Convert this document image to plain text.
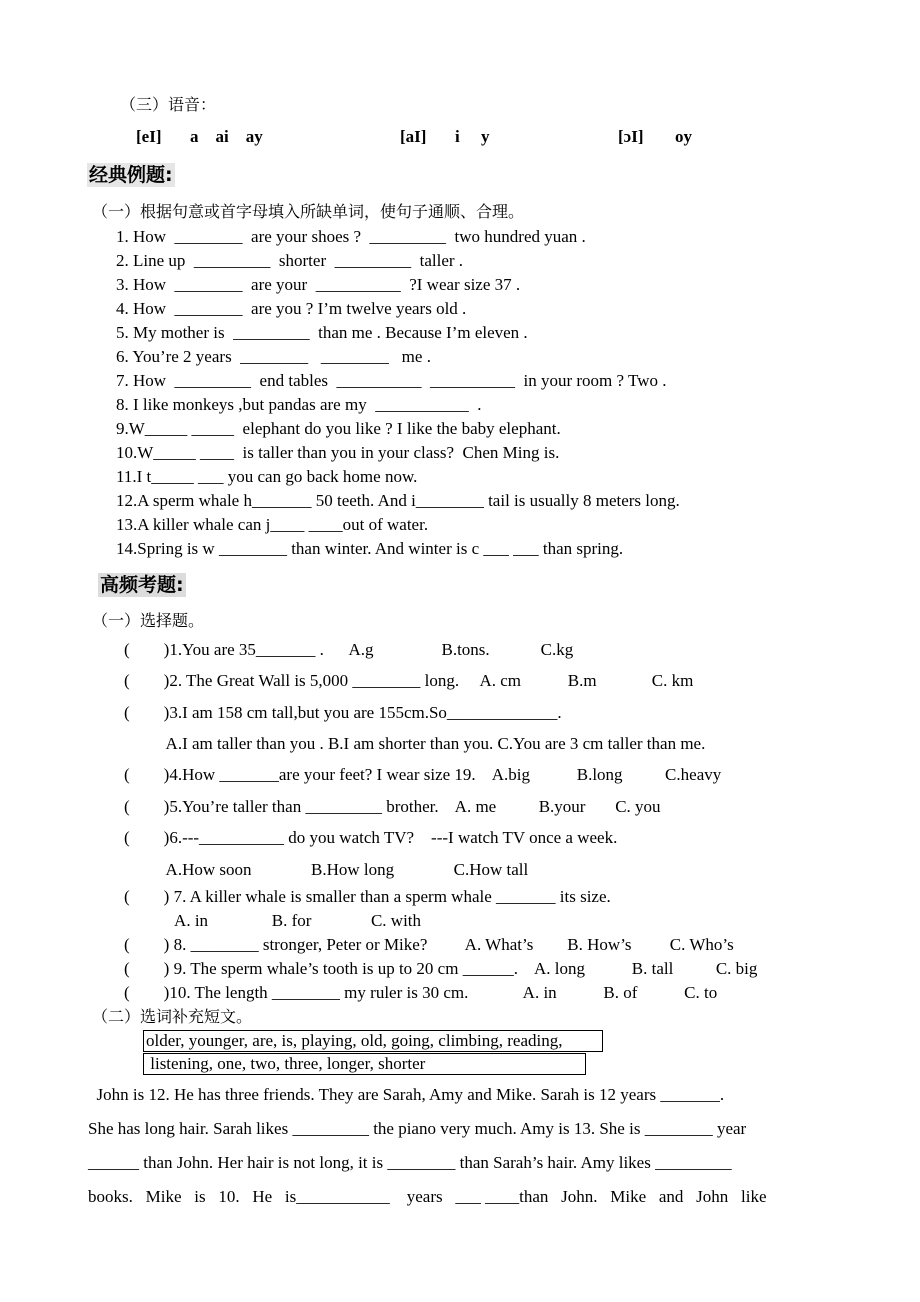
（三）语音：
[eI] a    ai    ay	[aI] i     y	[ɔI] oy
经典例题:
（一）根据句意或首字母填入所缺单词，使句子通顺、合理。
1. How  ________  are your shoes ?  _________  two hundred yuan .
2. Line up  _________  shorter  _________  taller .
3. How  ________  are your  __________  ?I wear size 37 .
4. How  ________  are you ? I’m twelve years old .
5. My mother is  _________  than me . Because I’m eleven .
6. You’re 2 years  ________   ________   me .
7. How  _________  end tables  __________  __________  in your room ? Two .
8. I like monkeys ,but pandas are my  ___________  .
9.W_____ _____  elephant do you like ? I like the baby elephant.
10.W_____ ____  is taller than you in your class?  Chen Ming is.
11.I t_____ ___ you can go back home now.
12.A sperm whale h_______ 50 teeth. And i________ tail is usually 8 meters long.
13.A killer whale can j____ ____out of water.
14.Spring is w ________ than winter. And winter is c ___ ___ than spring.
高频考题:
（一）选择题。
(        )1.You are 35_______ .      A.g                B.tons.            C.kg
(        )2. The Great Wall is 5,000 ________ long.     A. cm           B.m             C. km
(        )3.I am 158 cm tall,but you are 155cm.So_____________.
A.I am taller than you . B.I am shorter than you. C.You are 3 cm taller than me.
(        )4.How _______are your feet? I wear size 19.    A.big           B.long          C.heavy
(        )5.You’re taller than _________ brother.    A. me          B.your       C. you
(        )6.---__________ do you watch TV?    ---I watch TV once a week.
A.How soon              B.How long              C.How tall
(        ) 7. A killer whale is smaller than a sperm whale _______ its size.
A. in               B. for              C. with
(        ) 8. ________ stronger, Peter or Mike?         A. What’s        B. How’s         C. Who’s
(        ) 9. The sperm whale’s tooth is up to 20 cm ______.    A. long           B. tall          C. big
(        )10. The length ________ my ruler is 30 cm.             A. in           B. of           C. to
（二）选词补充短文。
older, younger, are, is, playing, old, going, climbing, reading,
listening, one, two, three, longer, shorter
John is 12. He has three friends. They are Sarah, Amy and Mike. Sarah is 12 years _______.
She has long hair. Sarah likes _________ the piano very much. Amy is 13. She is ________ year
______ than John. Her hair is not long, it is ________ than Sarah’s hair. Amy likes _________
books.   Mike   is   10.   He   is___________    years   ___ ____than   John.   Mike   and   John   like
